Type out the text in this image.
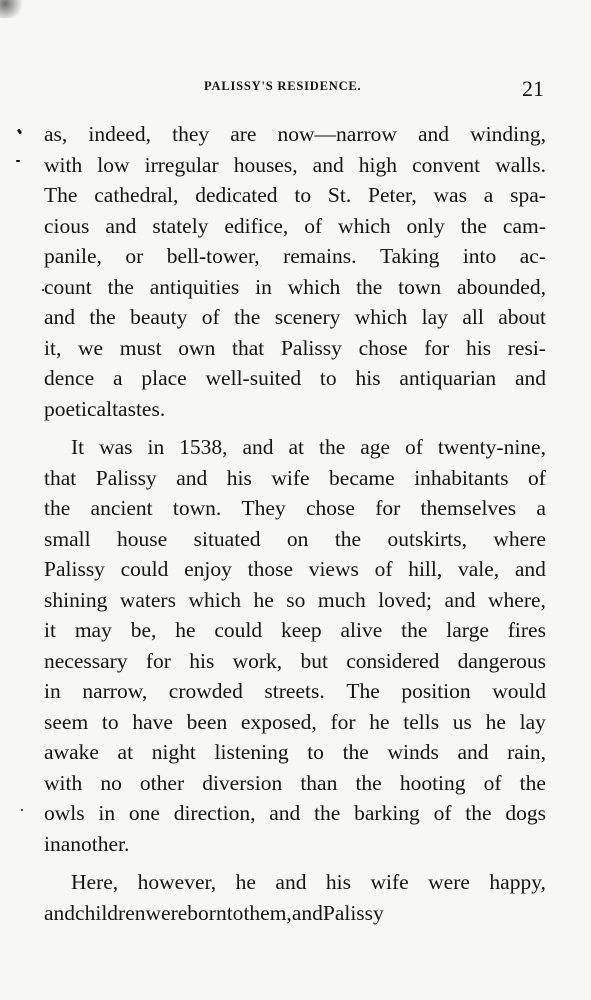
PALISSY'S RESIDENCE.	21
as, indeed, they are now—narrow and winding,
with low irregular houses, and high convent walls.
The cathedral, dedicated to St. Peter, was a spa-
cious and stately edifice, of which only the cam-
panile, or bell-tower, remains. Taking into ac-
count the antiquities in which the town abounded,
and the beauty of the scenery which lay all about
it, we must own that Palissy chose for his resi-
dence a place well-suited to his antiquarian and
poetical tastes.
It was in 1538, and at the age of twenty-nine,
that Palissy and his wife became inhabitants of
the ancient town. They chose for themselves a
small house situated on the outskirts, where
Palissy could enjoy those views of hill, vale, and
shining waters which he so much loved; and where,
it may be, he could keep alive the large fires
necessary for his work, but considered dangerous
in narrow, crowded streets. The position would
seem to have been exposed, for he tells us he lay
awake at night listening to the winds and rain,
with no other diversion than the hooting of the
owls in one direction, and the barking of the dogs
in another.
Here, however, he and his wife were happy,
and children were born to them, and Palissy
